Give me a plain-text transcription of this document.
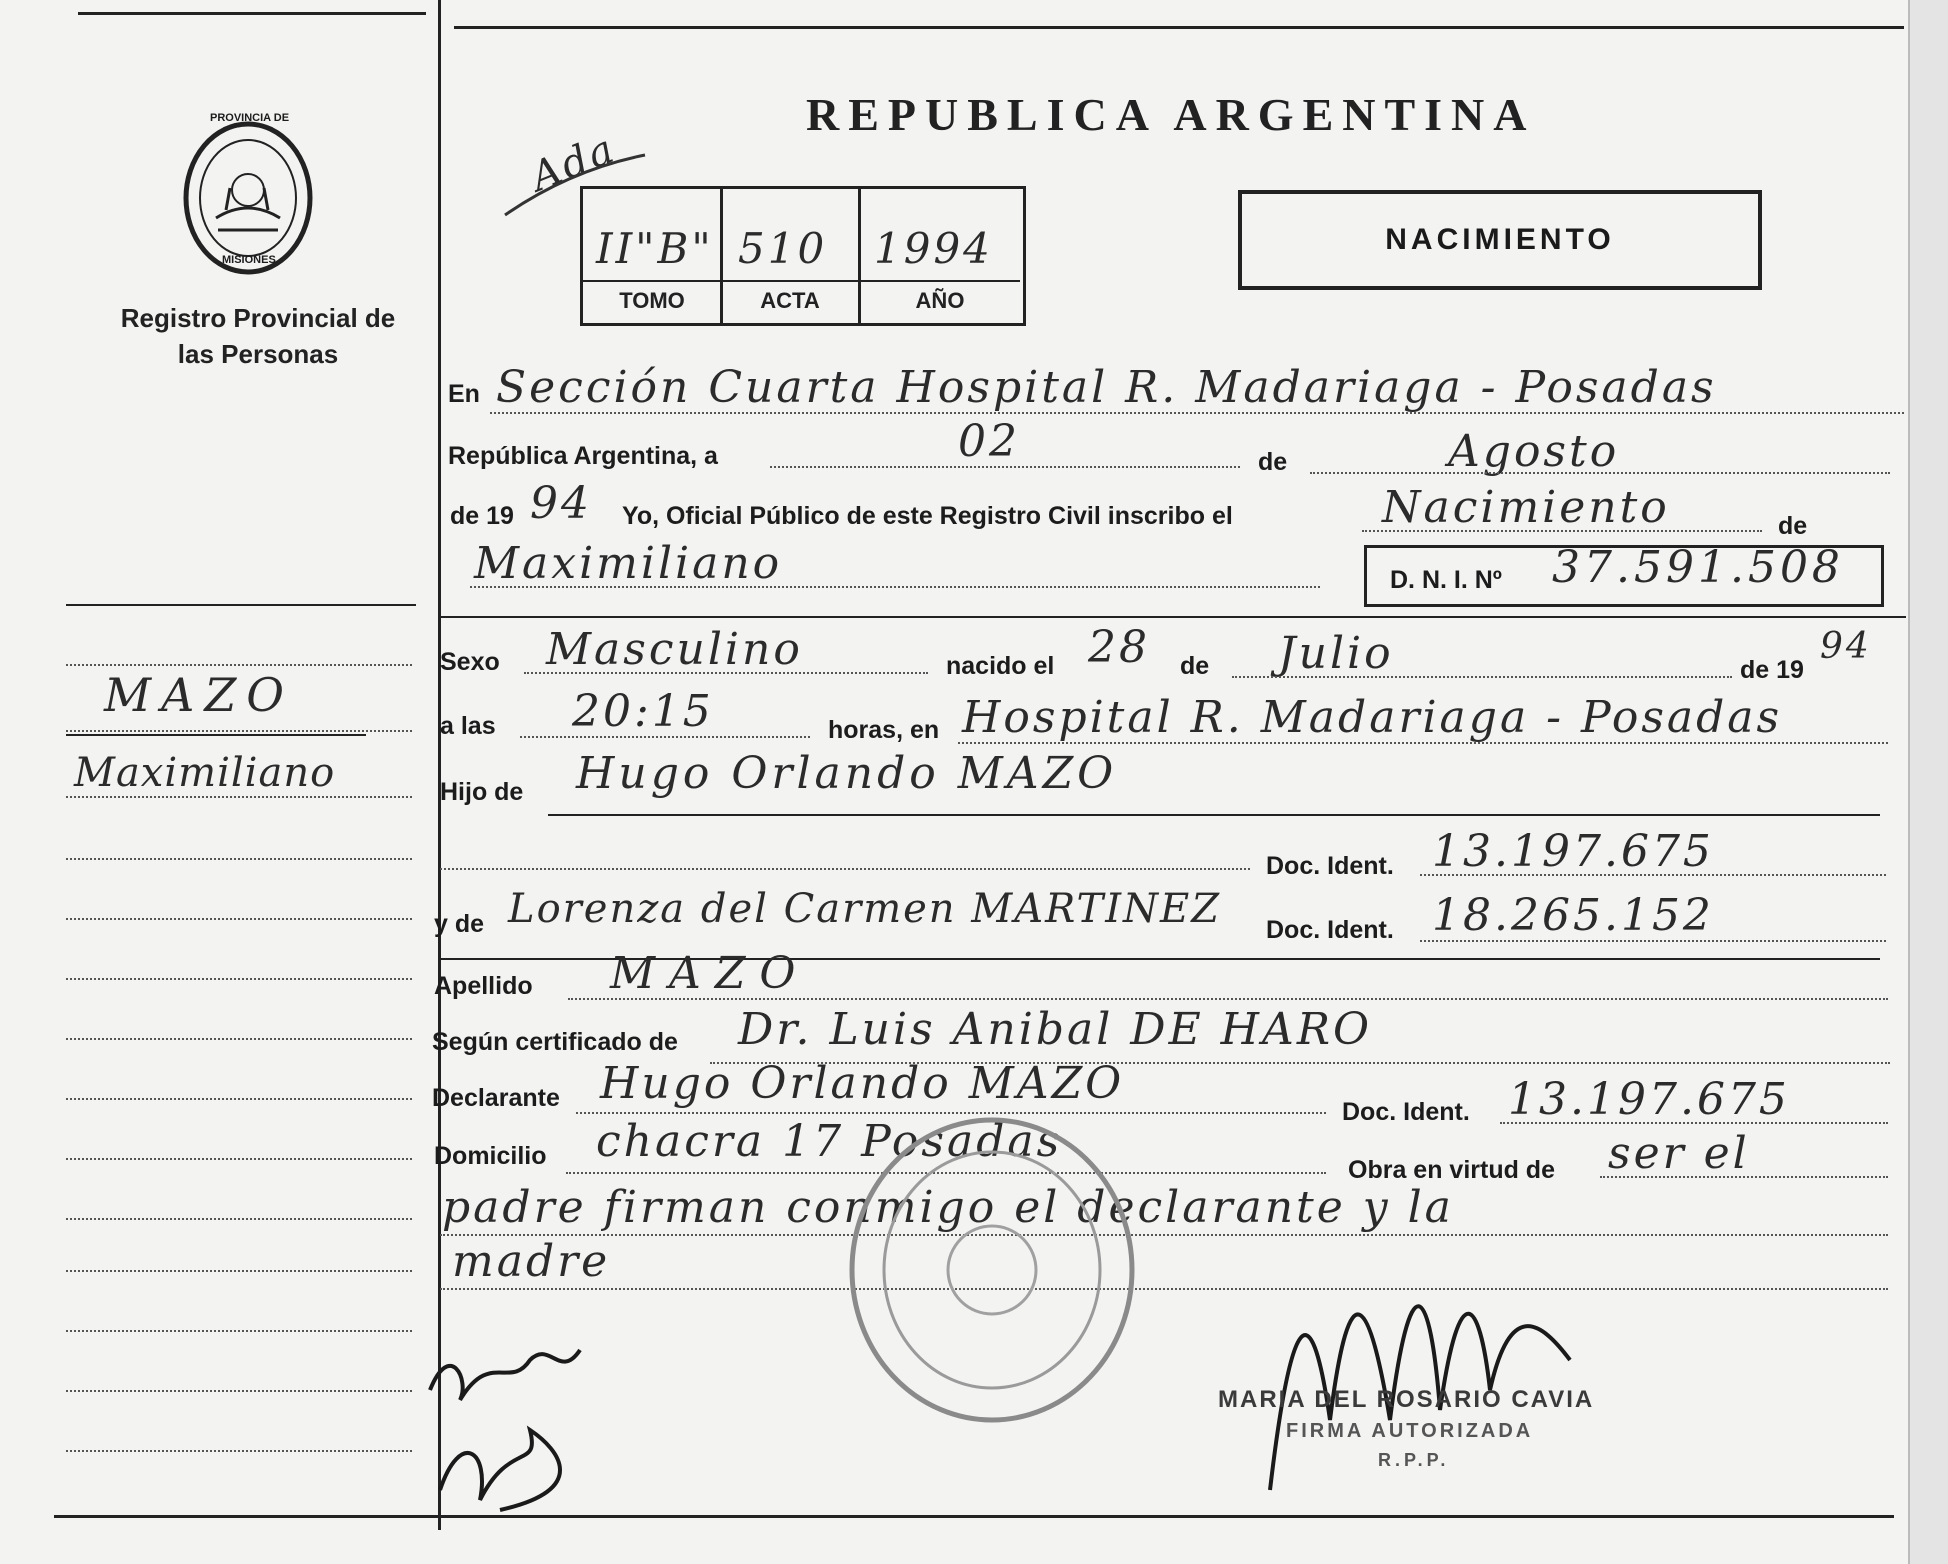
PROVINCIA DE
MISIONES
Registro Provincial de las Personas
REPUBLICA ARGENTINA
Ada
II"B" 510 1994
TOMO	ACTA	AÑO
NACIMIENTO
MAZO
Maximiliano
En Sección Cuarta Hospital R. Madariaga - Posadas
República Argentina, a	02	de	Agosto
de 19 94 Yo, Oficial Público de este Registro Civil inscribo el	Nacimiento	de
Maximiliano	D. N. I. Nº 37.591.508
Sexo Masculino	nacido el 28 de Julio	de 19
94
a las 20:15	horas, en Hospital R. Madariaga - Posadas
Hijo de Hugo Orlando MAZO
Doc. Ident. 13.197.675
y de Lorenza del Carmen MARTINEZ Doc. Ident. 18.265.152
Apellido MAZO
Según certificado de Dr. Luis Anibal DE HARO
Declarante Hugo Orlando MAZO
Doc. Ident. 13.197.675
Domicilio chacra 17 Posadas
Obra en virtud de ser el
padre firman conmigo el declarante y la
madre
MARIA DEL ROSARIO CAVIA
FIRMA AUTORIZADA
R.P.P.
